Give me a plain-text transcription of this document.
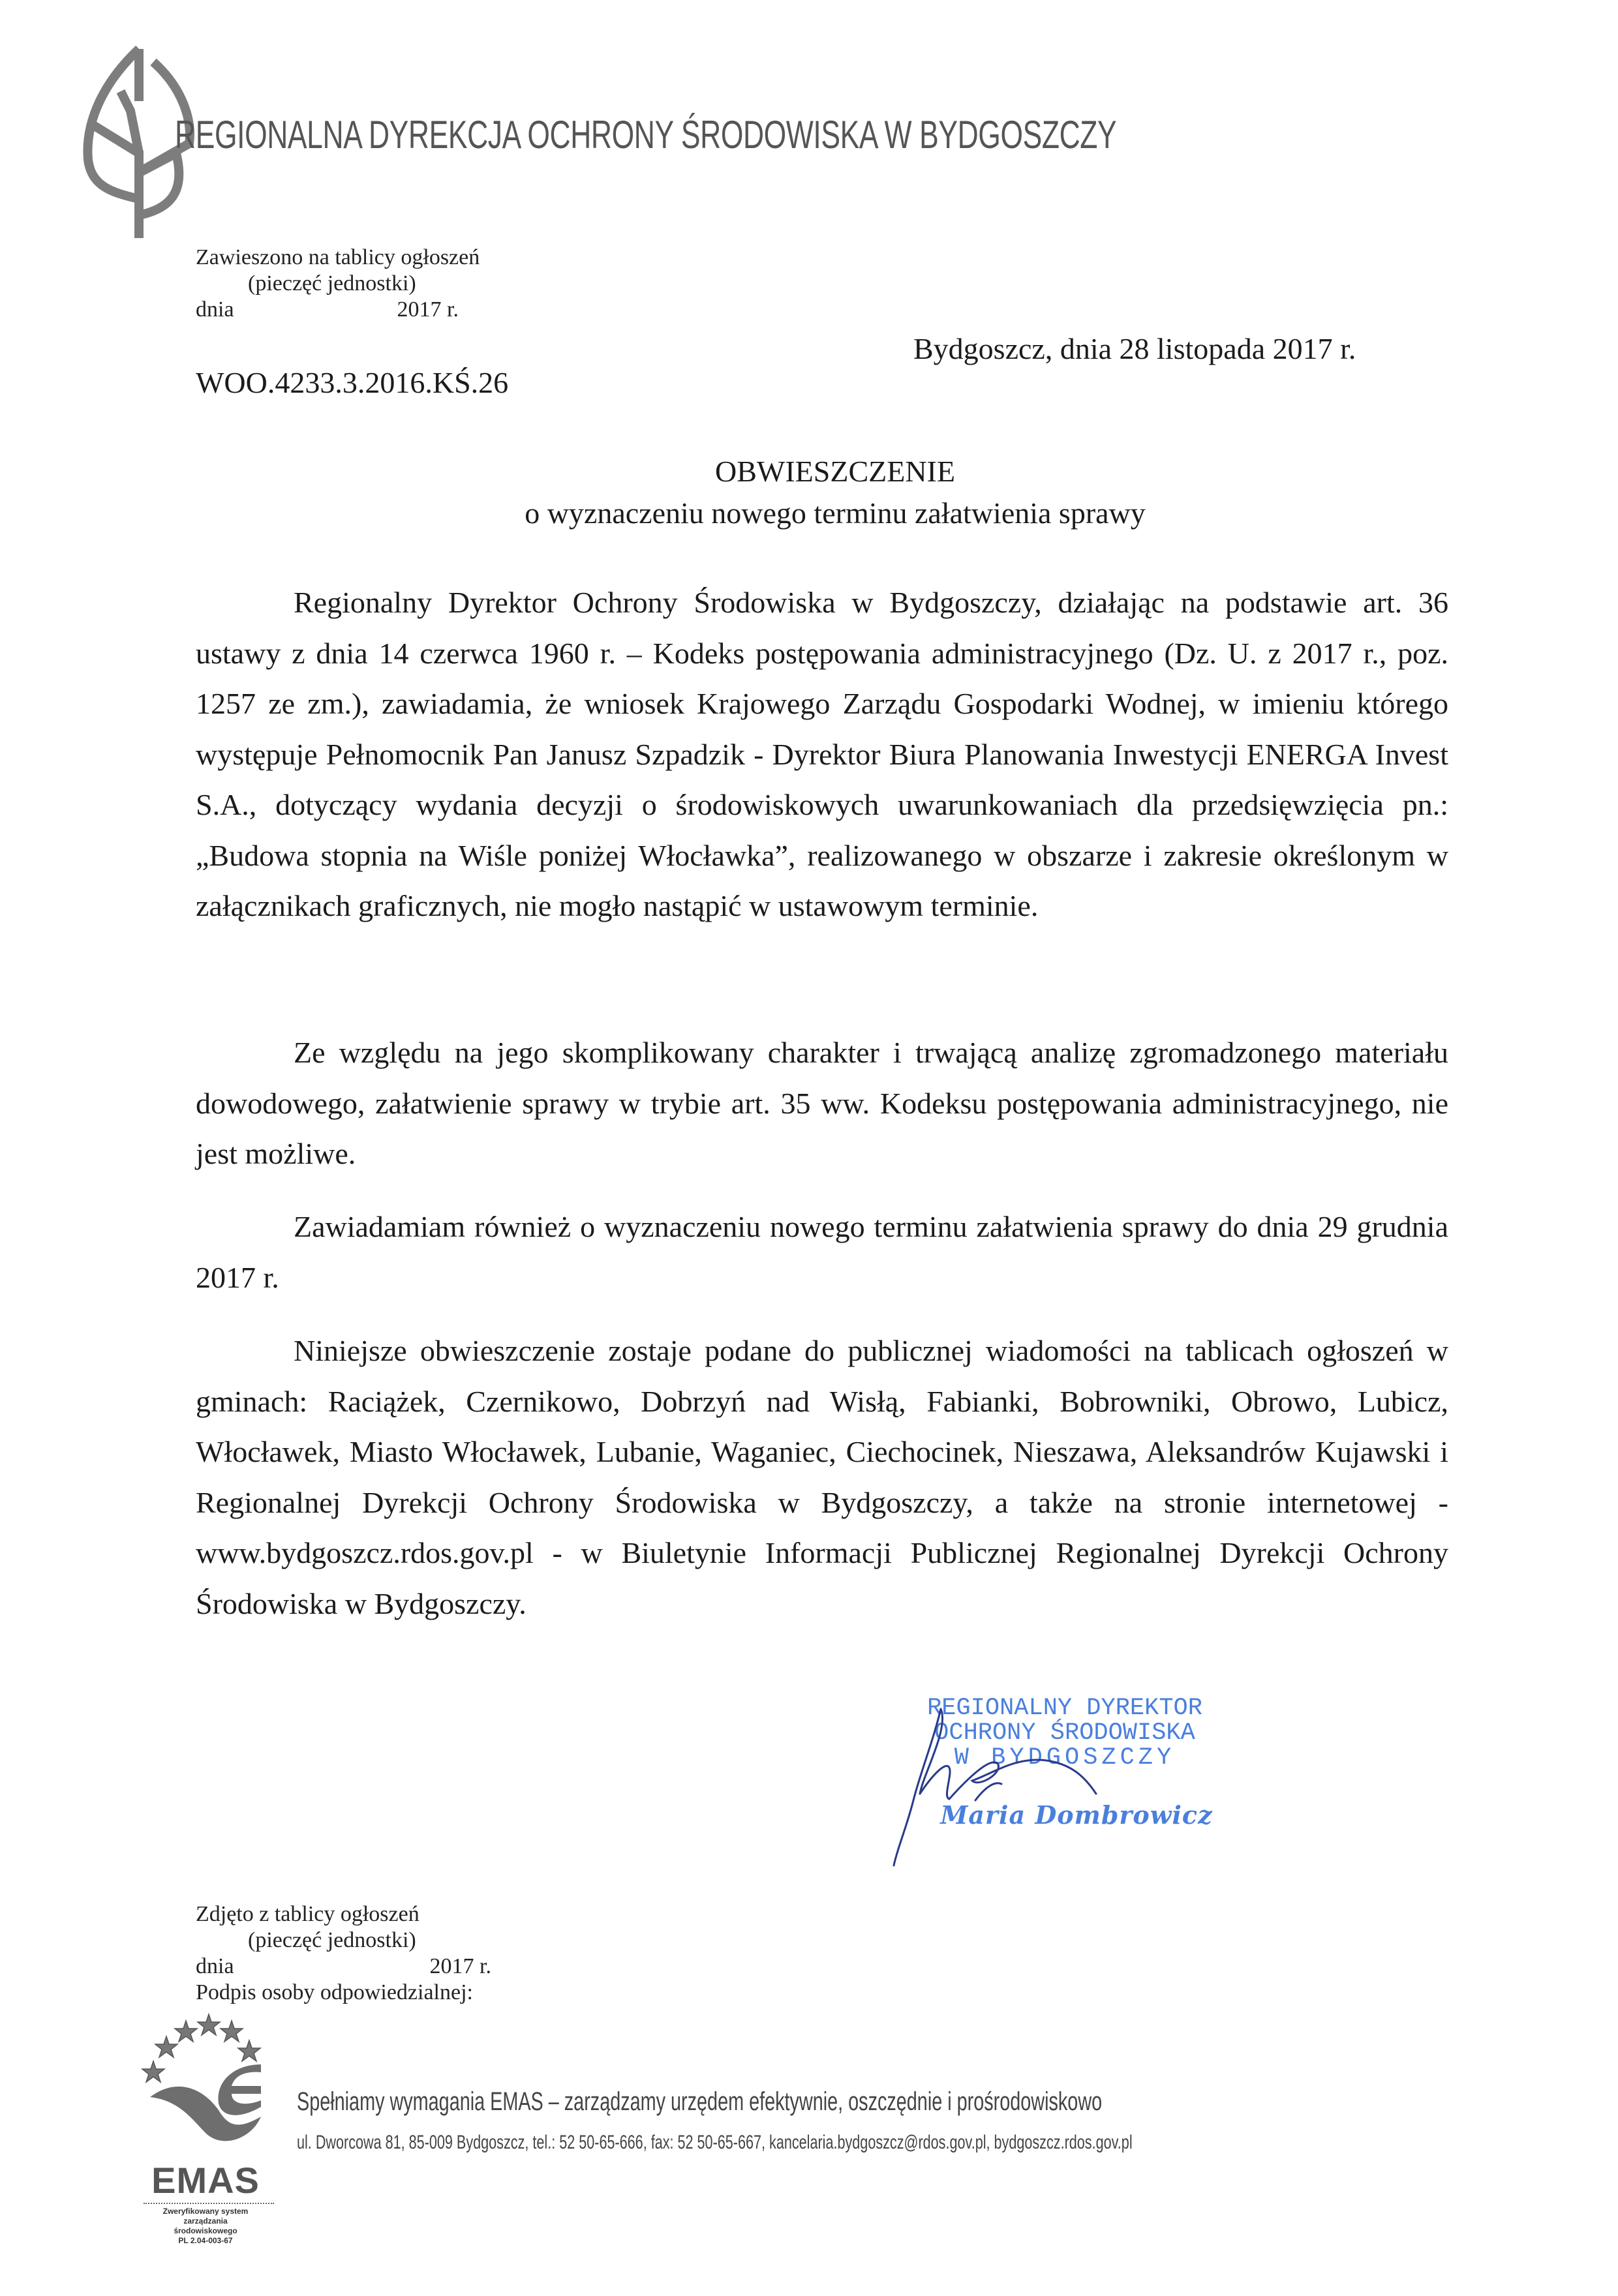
REGIONALNA DYREKCJA OCHRONY ŚRODOWISKA W BYDGOSZCZY
Zawieszono na tablicy ogłoszeń
(pieczęć jednostki)
dnia	2017 r.
Bydgoszcz, dnia 28 listopada 2017 r.
WOO.4233.3.2016.KŚ.26
OBWIESZCZENIE
o wyznaczeniu nowego terminu załatwienia sprawy

Regionalny Dyrektor Ochrony Środowiska w Bydgoszczy, działając na podstawie art. 36 ustawy z dnia 14 czerwca 1960 r. – Kodeks postępowania administracyjnego (Dz. U. z 2017 r., poz. 1257 ze zm.), zawiadamia, że wniosek Krajowego Zarządu Gospodarki Wodnej, w imieniu którego występuje Pełnomocnik Pan Janusz Szpadzik - Dyrektor Biura Planowania Inwestycji ENERGA Invest S.A., dotyczący wydania decyzji o środowiskowych uwarunkowaniach dla przedsięwzięcia pn.: „Budowa stopnia na Wiśle poniżej Włocławka”, realizowanego w obszarze i zakresie określonym w załącznikach graficznych, nie mogło nastąpić w ustawowym terminie.

Ze względu na jego skomplikowany charakter i trwającą analizę zgromadzonego materiału dowodowego, załatwienie sprawy w trybie art. 35 ww. Kodeksu postępowania administracyjnego, nie jest możliwe.

Zawiadamiam również o wyznaczeniu nowego terminu załatwienia sprawy do dnia 29 grudnia 2017 r.

Niniejsze obwieszczenie zostaje podane do publicznej wiadomości na tablicach ogłoszeń w gminach: Raciążek, Czernikowo, Dobrzyń nad Wisłą, Fabianki, Bobrowniki, Obrowo, Lubicz, Włocławek, Miasto Włocławek, Lubanie, Waganiec, Ciechocinek, Nieszawa, Aleksandrów Kujawski i Regionalnej Dyrekcji Ochrony Środowiska w Bydgoszczy, a także na stronie internetowej - www.bydgoszcz.rdos.gov.pl - w Biuletynie Informacji Publicznej Regionalnej Dyrekcji Ochrony Środowiska w Bydgoszczy.

REGIONALNY DYREKTOR
OCHRONY ŚRODOWISKA
W BYDGOSZCZY
Maria Dombrowicz
Zdjęto z tablicy ogłoszeń
(pieczęć jednostki)
dnia	2017 r.
Podpis osoby odpowiedzialnej:
EMAS
Zweryfikowany system
zarządzania
środowiskowego
PL 2.04-003-67
Spełniamy wymagania EMAS – zarządzamy urzędem efektywnie, oszczędnie i prośrodowiskowo
ul. Dworcowa 81, 85-009 Bydgoszcz, tel.: 52 50-65-666, fax: 52 50-65-667, kancelaria.bydgoszcz@rdos.gov.pl, bydgoszcz.rdos.gov.pl
